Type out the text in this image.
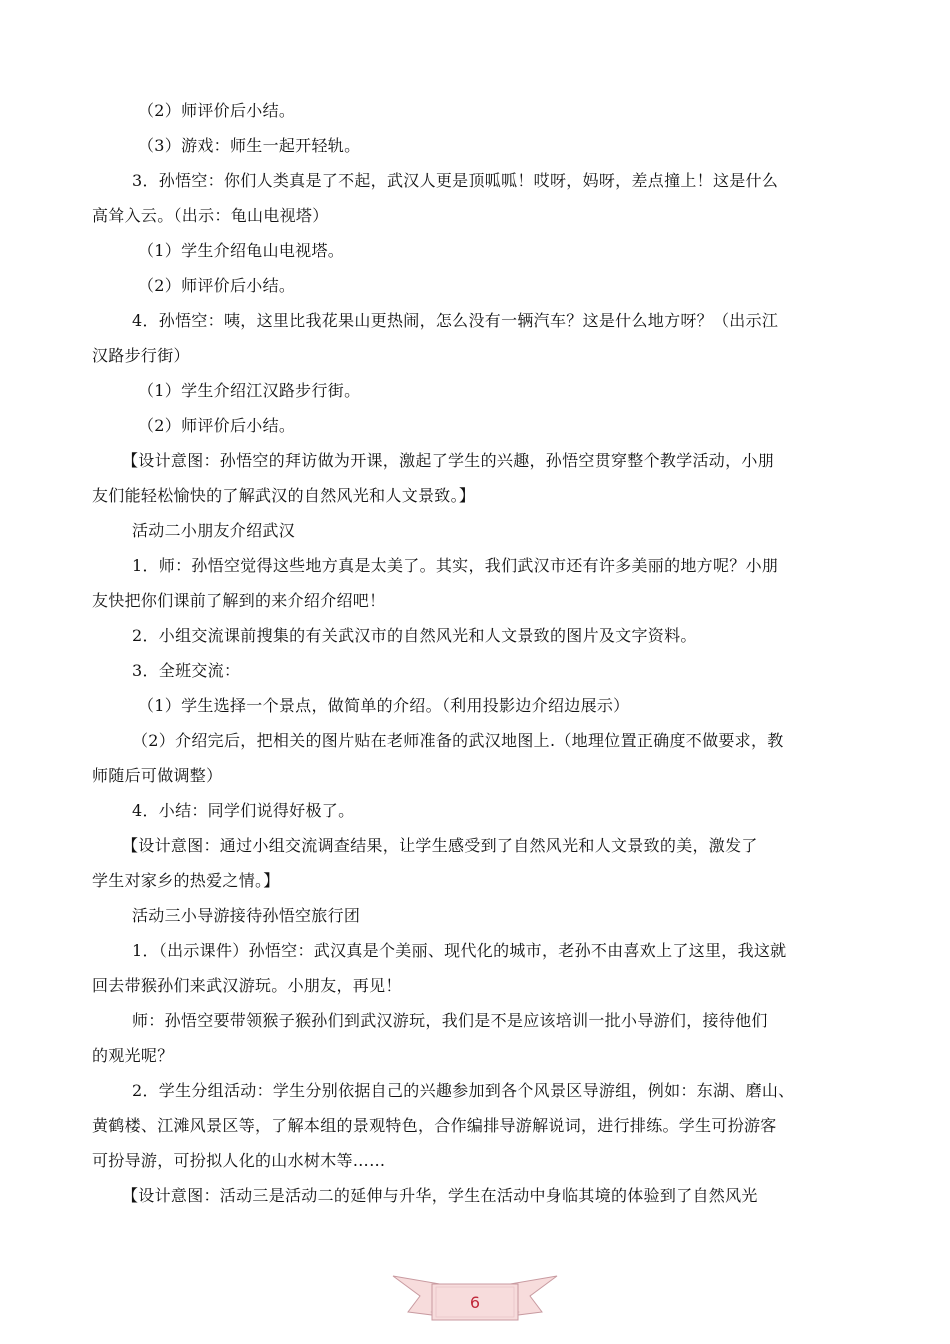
（2）师评价后小结。
（3）游戏：师生一起开轻轨。
3．孙悟空：你们人类真是了不起，武汉人更是顶呱呱！哎呀，妈呀，差点撞上！这是什么
高耸入云。（出示：龟山电视塔）
（1）学生介绍龟山电视塔。
（2）师评价后小结。
4．孙悟空：咦，这里比我花果山更热闹，怎么没有一辆汽车？这是什么地方呀？（出示江
汉路步行街）
（1）学生介绍江汉路步行街。
（2）师评价后小结。
【设计意图：孙悟空的拜访做为开课，激起了学生的兴趣，孙悟空贯穿整个教学活动，小朋
友们能轻松愉快的了解武汉的自然风光和人文景致。】
活动二小朋友介绍武汉
1．师：孙悟空觉得这些地方真是太美了。其实，我们武汉市还有许多美丽的地方呢？小朋
友快把你们课前了解到的来介绍介绍吧！
2．小组交流课前搜集的有关武汉市的自然风光和人文景致的图片及文字资料。
3．全班交流：
（1）学生选择一个景点，做简单的介绍。（利用投影边介绍边展示）
（2）介绍完后，把相关的图片贴在老师准备的武汉地图上.（地理位置正确度不做要求，教
师随后可做调整）
4．小结：同学们说得好极了。
【设计意图：通过小组交流调查结果，让学生感受到了自然风光和人文景致的美，激发了
学生对家乡的热爱之情。】
活动三小导游接待孙悟空旅行团
1．（出示课件）孙悟空：武汉真是个美丽、现代化的城市，老孙不由喜欢上了这里，我这就
回去带猴孙们来武汉游玩。小朋友，再见！
师：孙悟空要带领猴子猴孙们到武汉游玩，我们是不是应该培训一批小导游们，接待他们
的观光呢？
2．学生分组活动：学生分别依据自己的兴趣参加到各个风景区导游组，例如：东湖、磨山、
黄鹤楼、江滩风景区等，了解本组的景观特色，合作编排导游解说词，进行排练。学生可扮游客
可扮导游，可扮拟人化的山水树木等……
【设计意图：活动三是活动二的延伸与升华，学生在活动中身临其境的体验到了自然风光
6
